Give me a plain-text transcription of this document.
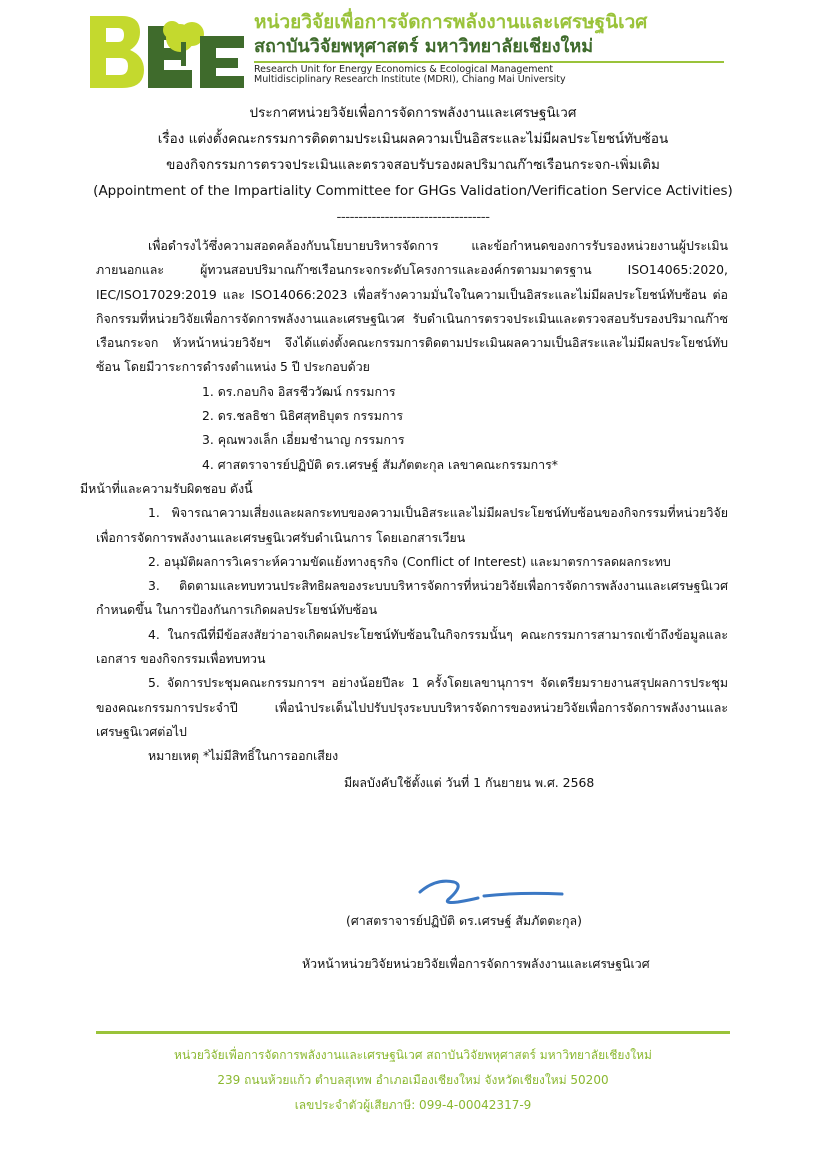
หน่วยวิจัยเพื่อการจัดการพลังงานและเศรษฐนิเวศ
สถาบันวิจัยพหุศาสตร์ มหาวิทยาลัยเชียงใหม่
Research Unit for Energy Economics & Ecological Management
Multidisciplinary Research Institute (MDRI), Chiang Mai University
ประกาศหน่วยวิจัยเพื่อการจัดการพลังงานและเศรษฐนิเวศ
เรื่อง แต่งตั้งคณะกรรมการติดตามประเมินผลความเป็นอิสระและไม่มีผลประโยชน์ทับซ้อน
ของกิจกรรมการตรวจประเมินและตรวจสอบรับรองผลปริมาณก๊าซเรือนกระจก-เพิ่มเติม
(Appointment of the Impartiality Committee for GHGs Validation/Verification Service Activities)
-----------------------------------
เพื่อดำรงไว้ซึ่งความสอดคล้องกับนโยบายบริหารจัดการ และข้อกำหนดของการรับรองหน่วยงานผู้ประเมินภายนอกและ ผู้ทวนสอบปริมาณก๊าซเรือนกระจกระดับโครงการและองค์กรตามมาตรฐาน ISO14065:2020, IEC/ISO17029:2019 และ ISO14066:2023 เพื่อสร้างความมั่นใจในความเป็นอิสระและไม่มีผลประโยชน์ทับซ้อน ต่อกิจกรรมที่หน่วยวิจัยเพื่อการจัดการพลังงานและเศรษฐนิเวศ รับดำเนินการตรวจประเมินและตรวจสอบรับรองปริมาณก๊าซเรือนกระจก หัวหน้าหน่วยวิจัยฯ จึงได้แต่งตั้งคณะกรรมการติดตามประเมินผลความเป็นอิสระและไม่มีผลประโยชน์ทับซ้อน โดยมีวาระการดำรงตำแหน่ง 5 ปี ประกอบด้วย
1. ดร.กอบกิจ อิสรชีววัฒน์ กรรมการ
2. ดร.ชลธิชา นิธิศสุทธิบุตร กรรมการ
3. คุณพวงเล็ก เอี่ยมชำนาญ กรรมการ
4. ศาสตราจารย์ปฏิบัติ ดร.เศรษฐ์ สัมภัตตะกุล เลขาคณะกรรมการ*
มีหน้าที่และความรับผิดชอบ ดังนี้
1. พิจารณาความเสี่ยงและผลกระทบของความเป็นอิสระและไม่มีผลประโยชน์ทับซ้อนของกิจกรรมที่หน่วยวิจัย เพื่อการจัดการพลังงานและเศรษฐนิเวศรับดำเนินการ โดยเอกสารเวียน
2. อนุมัติผลการวิเคราะห์ความขัดแย้งทางธุรกิจ (Conflict of Interest) และมาตรการลดผลกระทบ
3. ติดตามและทบทวนประสิทธิผลของระบบบริหารจัดการที่หน่วยวิจัยเพื่อการจัดการพลังงานและเศรษฐนิเวศ กำหนดขึ้น ในการป้องกันการเกิดผลประโยชน์ทับซ้อน
4. ในกรณีที่มีข้อสงสัยว่าอาจเกิดผลประโยชน์ทับซ้อนในกิจกรรมนั้นๆ คณะกรรมการสามารถเข้าถึงข้อมูลและเอกสาร ของกิจกรรมเพื่อทบทวน
5. จัดการประชุมคณะกรรมการฯ อย่างน้อยปีละ 1 ครั้งโดยเลขานุการฯ จัดเตรียมรายงานสรุปผลการประชุม ของคณะกรรมการประจำปี เพื่อนำประเด็นไปปรับปรุงระบบบริหารจัดการของหน่วยวิจัยเพื่อการจัดการพลังงานและ เศรษฐนิเวศต่อไป
หมายเหตุ *ไม่มีสิทธิ์ในการออกเสียง
มีผลบังคับใช้ตั้งแต่ วันที่ 1 กันยายน พ.ศ. 2568
(ศาสตราจารย์ปฏิบัติ ดร.เศรษฐ์ สัมภัตตะกุล)
หัวหน้าหน่วยวิจัยหน่วยวิจัยเพื่อการจัดการพลังงานและเศรษฐนิเวศ
หน่วยวิจัยเพื่อการจัดการพลังงานและเศรษฐนิเวศ สถาบันวิจัยพหุศาสตร์ มหาวิทยาลัยเชียงใหม่
239 ถนนห้วยแก้ว ตำบลสุเทพ อำเภอเมืองเชียงใหม่ จังหวัดเชียงใหม่ 50200
เลขประจำตัวผู้เสียภาษี: 099-4-00042317-9
